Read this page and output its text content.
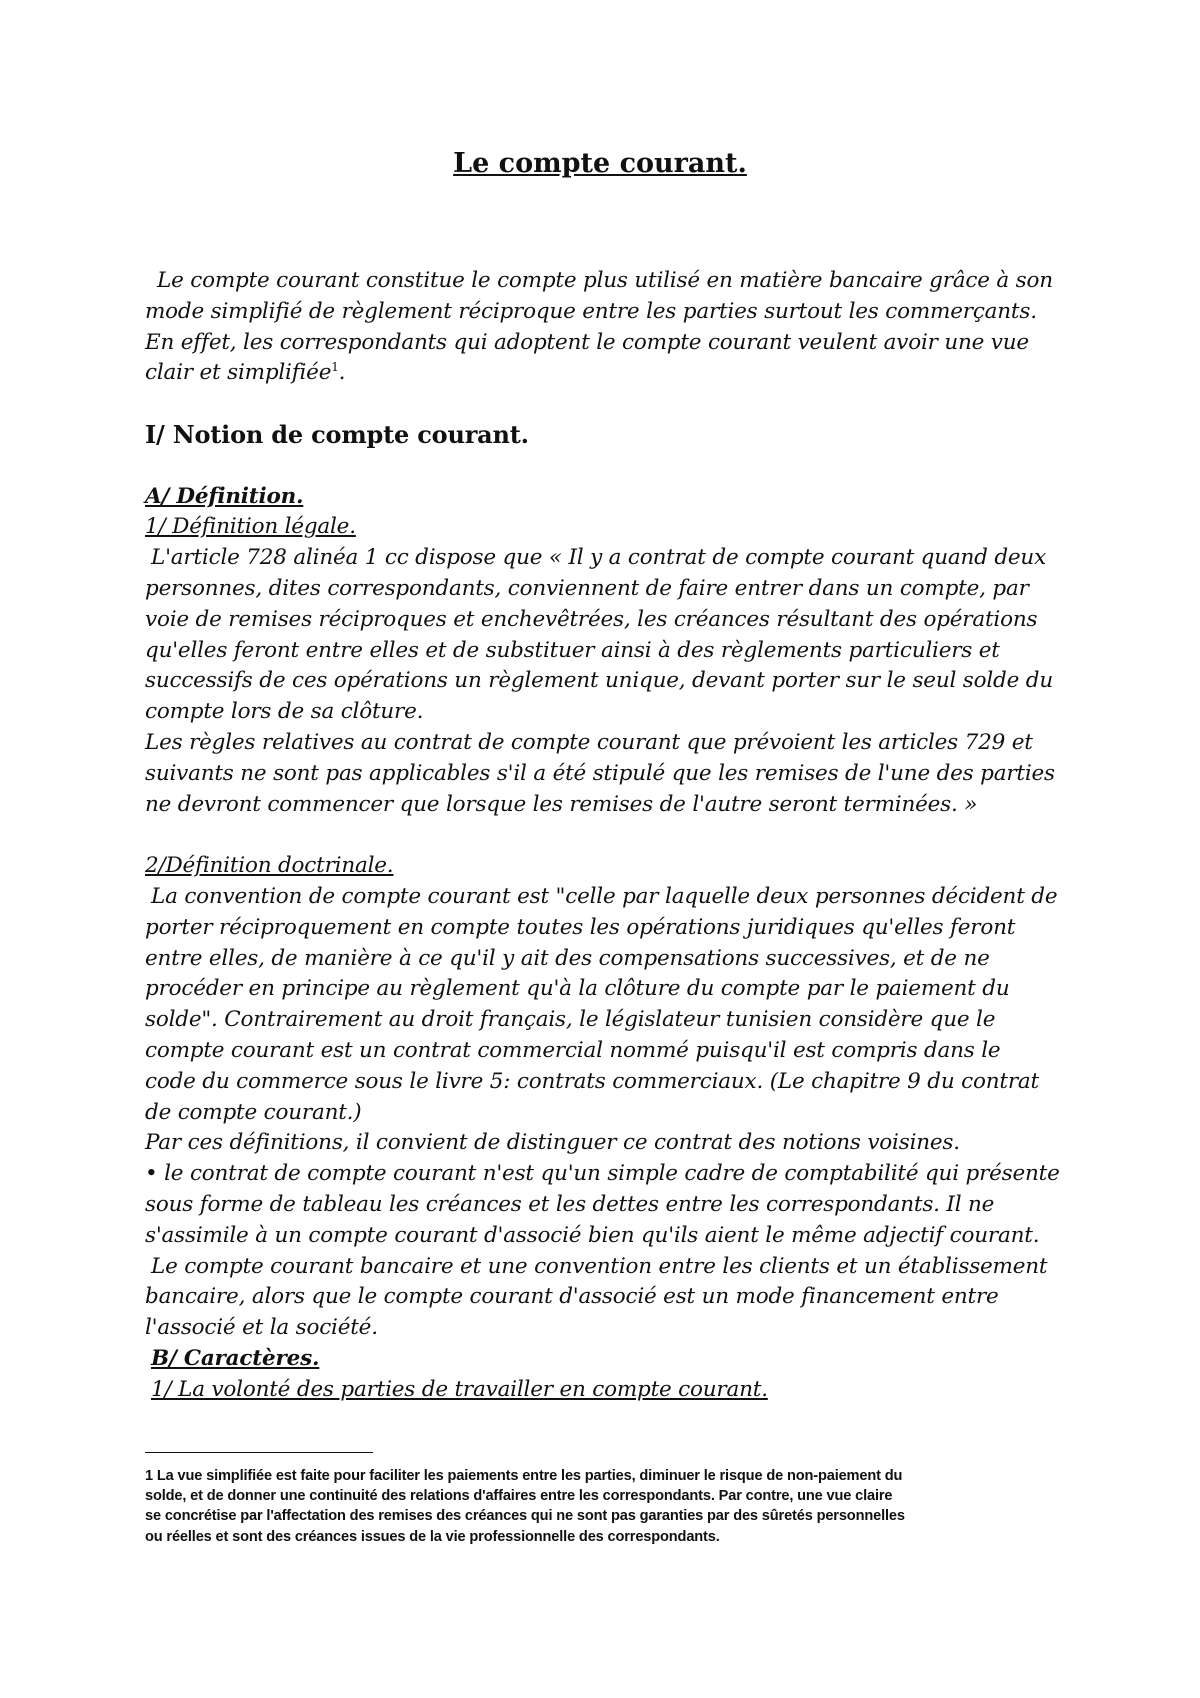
Le compte courant.

Le compte courant constitue le compte plus utilisé en matière bancaire grâce à son

mode simplifié de règlement réciproque entre les parties surtout les commerçants.

En effet, les correspondants qui adoptent le compte courant veulent avoir une vue

clair et simplifiée$^1$.

I/ Notion de compte courant.

A/ Définition.

1/ Définition légale.

L'article 728 alinéa 1 cc dispose que « Il y a contrat de compte courant quand deux

personnes, dites correspondants, conviennent de faire entrer dans un compte, par

voie de remises réciproques et enchevêtrées, les créances résultant des opérations

qu'elles feront entre elles et de substituer ainsi à des règlements particuliers et

successifs de ces opérations un règlement unique, devant porter sur le seul solde du

compte lors de sa clôture.

Les règles relatives au contrat de compte courant que prévoient les articles 729 et

suivants ne sont pas applicables s'il a été stipulé que les remises de l'une des parties

ne devront commencer que lorsque les remises de l'autre seront terminées. »

2/Définition doctrinale.

La convention de compte courant est "celle par laquelle deux personnes décident de

porter réciproquement en compte toutes les opérations juridiques qu'elles feront

entre elles, de manière à ce qu'il y ait des compensations successives, et de ne

procéder en principe au règlement qu'à la clôture du compte par le paiement du

solde". Contrairement au droit français, le législateur tunisien considère que le

compte courant est un contrat commercial nommé puisqu'il est compris dans le

code du commerce sous le livre 5: contrats commerciaux. (Le chapitre 9 du contrat

de compte courant.)

Par ces définitions, il convient de distinguer ce contrat des notions voisines.

• le contrat de compte courant n'est qu'un simple cadre de comptabilité qui présente

sous forme de tableau les créances et les dettes entre les correspondants. Il ne

s'assimile à un compte courant d'associé bien qu'ils aient le même adjectif courant.

Le compte courant bancaire et une convention entre les clients et un établissement

bancaire, alors que le compte courant d'associé est un mode financement entre

l'associé et la société.

B/ Caractères.

1/ La volonté des parties de travailler en compte courant.

1 La vue simplifiée est faite pour faciliter les paiements entre les parties, diminuer le risque de non-paiement du

solde, et de donner une continuité des relations d'affaires entre les correspondants. Par contre, une vue claire

se concrétise par l'affectation des remises des créances qui ne sont pas garanties par des sûretés personnelles

ou réelles et sont des créances issues de la vie professionnelle des correspondants.
